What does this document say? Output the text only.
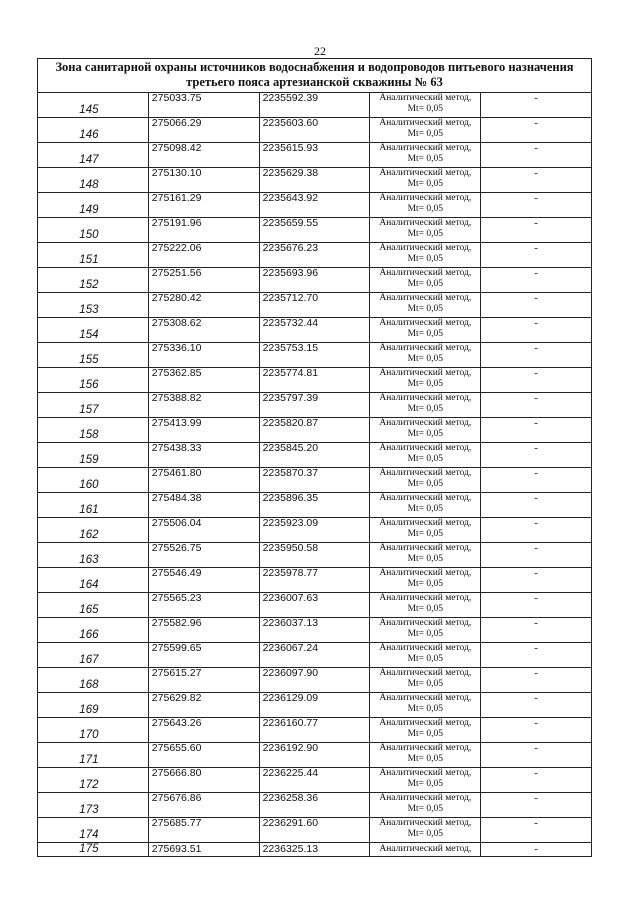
22
Зона санитарной охраны источников водоснабжения и водопроводов питьевого назначения третьего пояса артезианской скважины № 63				

145	275033.75	2235592.39	Аналитический метод,
Mt= 0,05	-

146	275066.29	2235603.60	Аналитический метод,
Mt= 0,05	-

147	275098.42	2235615.93	Аналитический метод,
Mt= 0,05	-

148	275130.10	2235629.38	Аналитический метод,
Mt= 0,05	-

149	275161.29	2235643.92	Аналитический метод,
Mt= 0,05	-

150	275191.96	2235659.55	Аналитический метод,
Mt= 0,05	-

151	275222.06	2235676.23	Аналитический метод,
Mt= 0,05	-

152	275251.56	2235693.96	Аналитический метод,
Mt= 0,05	-

153	275280.42	2235712.70	Аналитический метод,
Mt= 0,05	-

154	275308.62	2235732.44	Аналитический метод,
Mt= 0,05	-

155	275336.10	2235753.15	Аналитический метод,
Mt= 0,05	-

156	275362.85	2235774.81	Аналитический метод,
Mt= 0,05	-

157	275388.82	2235797.39	Аналитический метод,
Mt= 0,05	-

158	275413.99	2235820.87	Аналитический метод,
Mt= 0,05	-

159	275438.33	2235845.20	Аналитический метод,
Mt= 0,05	-

160	275461.80	2235870.37	Аналитический метод,
Mt= 0,05	-

161	275484.38	2235896.35	Аналитический метод,
Mt= 0,05	-

162	275506.04	2235923.09	Аналитический метод,
Mt= 0,05	-

163	275526.75	2235950.58	Аналитический метод,
Mt= 0,05	-

164	275546.49	2235978.77	Аналитический метод,
Mt= 0,05	-

165	275565.23	2236007.63	Аналитический метод,
Mt= 0,05	-

166	275582.96	2236037.13	Аналитический метод,
Mt= 0,05	-

167	275599.65	2236067.24	Аналитический метод,
Mt= 0,05	-

168	275615.27	2236097.90	Аналитический метод,
Mt= 0,05	-

169	275629.82	2236129.09	Аналитический метод,
Mt= 0,05	-

170	275643.26	2236160.77	Аналитический метод,
Mt= 0,05	-

171	275655.60	2236192.90	Аналитический метод,
Mt= 0,05	-

172	275666.80	2236225.44	Аналитический метод,
Mt= 0,05	-

173	275676.86	2236258.36	Аналитический метод,
Mt= 0,05	-

174	275685.77	2236291.60	Аналитический метод,
Mt= 0,05	-

175	275693.51	2236325.13	Аналитический метод,	-
